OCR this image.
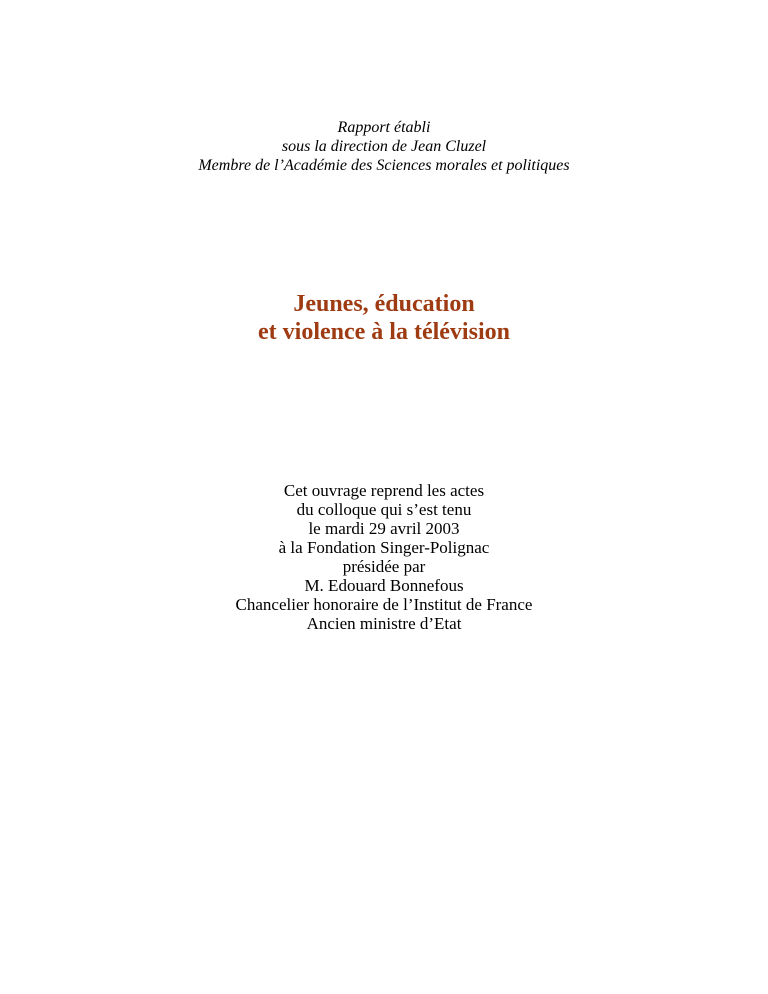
Rapport établi
sous la direction de Jean Cluzel
Membre de l’Académie des Sciences morales et politiques
Jeunes, éducation
et violence à la télévision
Cet ouvrage reprend les actes
du colloque qui s’est tenu
le mardi 29 avril 2003
à la Fondation Singer-Polignac
présidée par
M. Edouard Bonnefous
Chancelier honoraire de l’Institut de France
Ancien ministre d’Etat
